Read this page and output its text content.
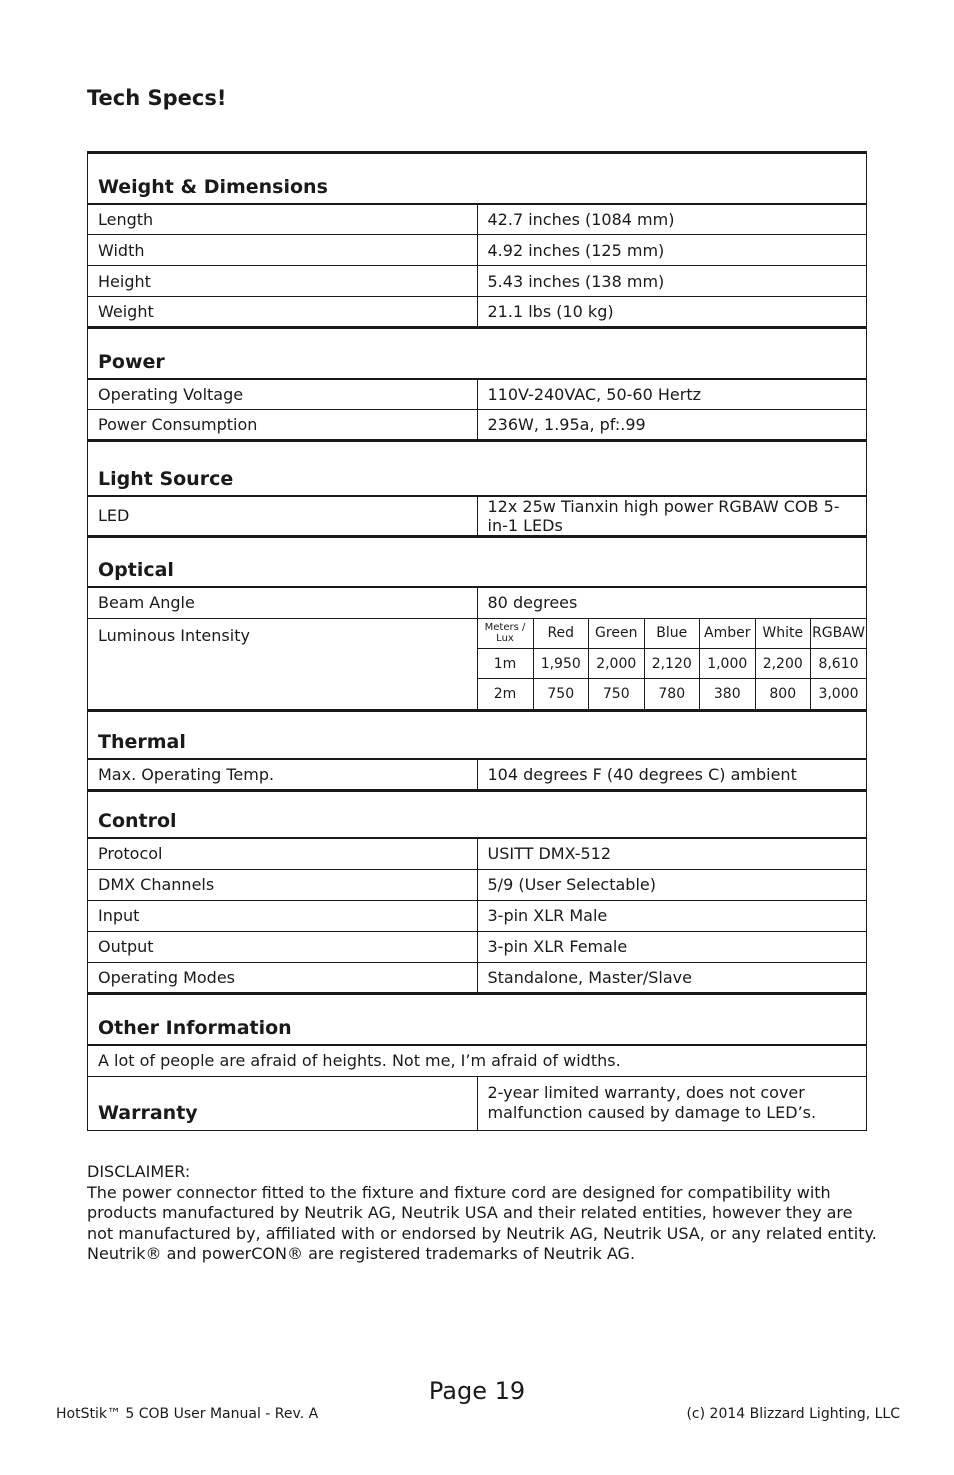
Tech Specs!
Weight & Dimensions
Length	42.7 inches (1084 mm)
Width	4.92 inches (125 mm)
Height	5.43 inches (138 mm)
Weight	21.1 lbs (10 kg)
Power
Operating Voltage	110V-240VAC, 50-60 Hertz
Power Consumption	236W, 1.95a, pf:.99
Light Source
LED	12x 25w Tianxin high power RGBAW COB 5-in-1 LEDs
Optical
Beam Angle	80 degrees
Luminous Intensity		Meters / Lux	Red	Green	Blue	Amber	White	RGBAW
1m	1,950	2,000	2,120	1,000	2,200	8,610
2m	750	750	780	380	800	3,000

Thermal
Max. Operating Temp.	104 degrees F (40 degrees C) ambient
Control
Protocol	USITT DMX-512
DMX Channels	5/9 (User Selectable)
Input	3-pin XLR Male
Output	3-pin XLR Female
Operating Modes	Standalone, Master/Slave
Other Information
A lot of people are afraid of heights. Not me, I’m afraid of widths.
Warranty	2-year limited warranty, does not cover malfunction caused by damage to LED’s.
DISCLAIMER:
The power connector fitted to the fixture and fixture cord are designed for compatibility with products manufactured by Neutrik AG, Neutrik USA and their related entities, however they are not manufactured by, affiliated with or endorsed by Neutrik AG, Neutrik USA, or any related entity. Neutrik® and powerCON® are registered trademarks of Neutrik AG.
Page 19
HotStik™ 5 COB User Manual - Rev. A	(c) 2014 Blizzard Lighting, LLC
